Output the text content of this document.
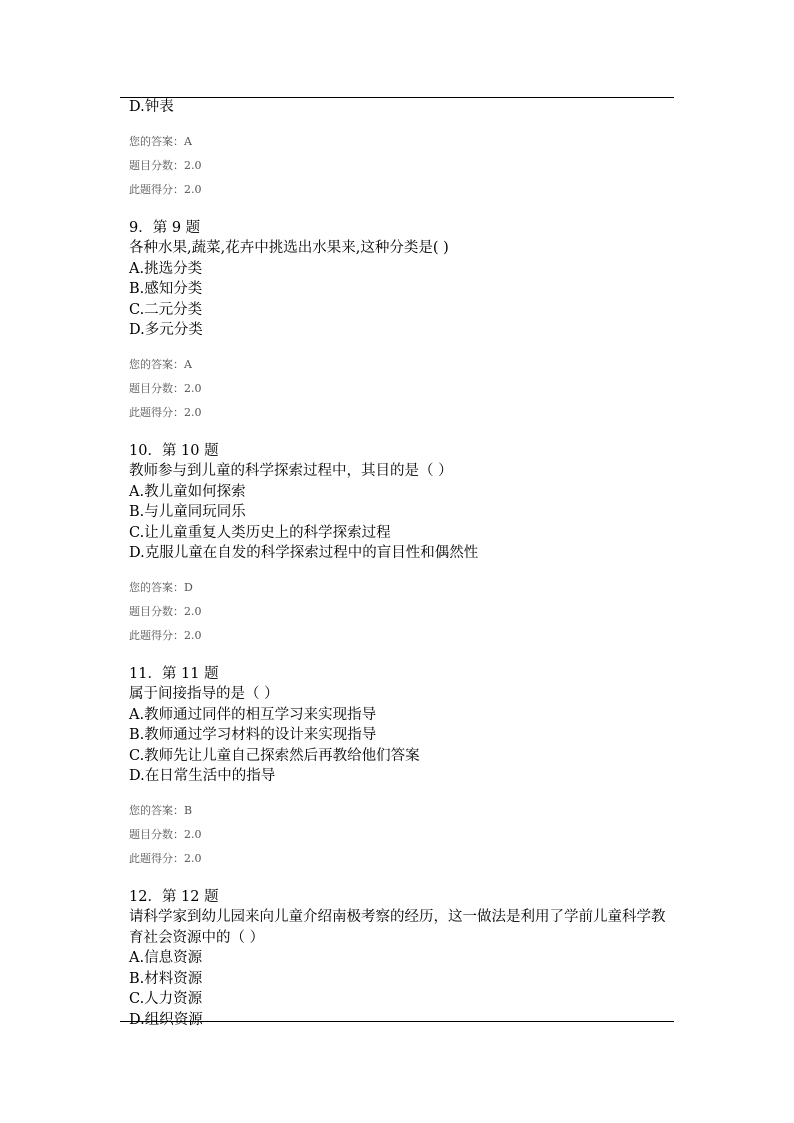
D.钟表
您的答案：A
题目分数：2.0
此题得分：2.0
9．第 9 题
各种水果,蔬菜,花卉中挑选出水果来,这种分类是( )
A.挑选分类
B.感知分类
C.二元分类
D.多元分类
您的答案：A
题目分数：2.0
此题得分：2.0
10．第 10 题
教师参与到儿童的科学探索过程中，其目的是（ ）
A.教儿童如何探索
B.与儿童同玩同乐
C.让儿童重复人类历史上的科学探索过程
D.克服儿童在自发的科学探索过程中的盲目性和偶然性
您的答案：D
题目分数：2.0
此题得分：2.0
11．第 11 题
属于间接指导的是（ ）
A.教师通过同伴的相互学习来实现指导
B.教师通过学习材料的设计来实现指导
C.教师先让儿童自己探索然后再教给他们答案
D.在日常生活中的指导
您的答案：B
题目分数：2.0
此题得分：2.0
12．第 12 题
请科学家到幼儿园来向儿童介绍南极考察的经历，这一做法是利用了学前儿童科学教育社会资源中的（ ）
A.信息资源
B.材料资源
C.人力资源
D.组织资源
